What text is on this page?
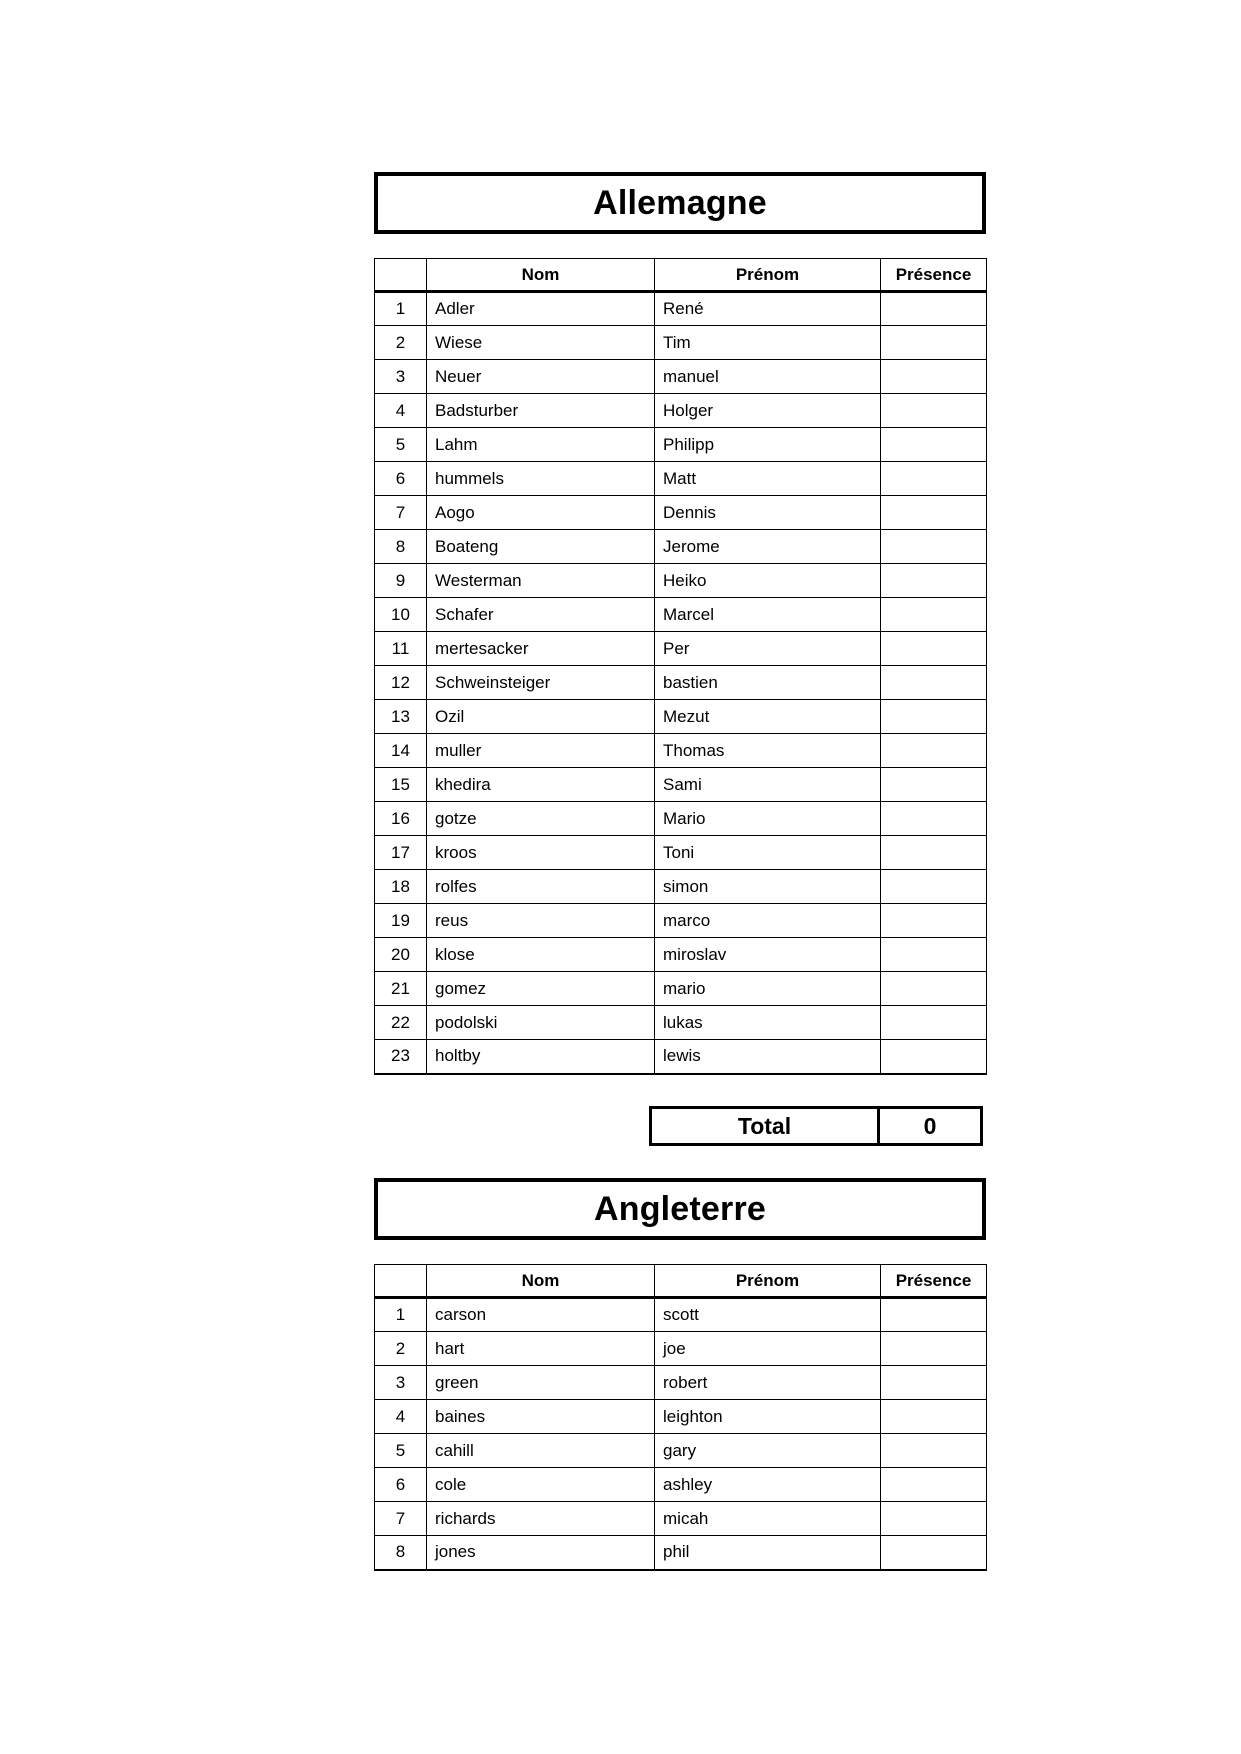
Allemagne
	Nom	Prénom	Présence
1	Adler	René	
2	Wiese	Tim	
3	Neuer	manuel	
4	Badsturber	Holger	
5	Lahm	Philipp	
6	hummels	Matt	
7	Aogo	Dennis	
8	Boateng	Jerome	
9	Westerman	Heiko	
10	Schafer	Marcel	
11	mertesacker	Per	
12	Schweinsteiger	bastien	
13	Ozil	Mezut	
14	muller	Thomas	
15	khedira	Sami	
16	gotze	Mario	
17	kroos	Toni	
18	rolfes	simon	
19	reus	marco	
20	klose	miroslav	
21	gomez	mario	
22	podolski	lukas	
23	holtby	lewis	
Total	0
Angleterre
	Nom	Prénom	Présence
1	carson	scott	
2	hart	joe	
3	green	robert	
4	baines	leighton	
5	cahill	gary	
6	cole	ashley	
7	richards	micah	
8	jones	phil	
